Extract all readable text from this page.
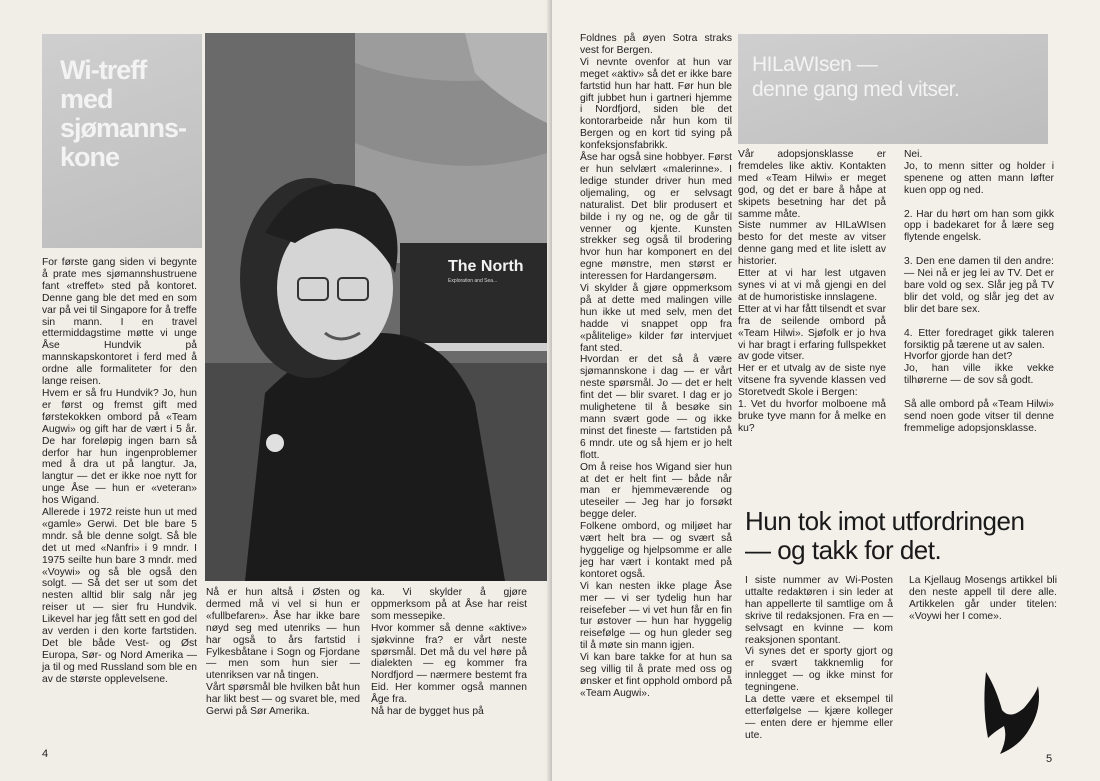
Wi-treff
med
sjømanns-
kone
The North
Exploration and Sea...
For første gang siden vi begynte å prate mes sjømannshustruene fant «treffet» sted på kontoret. Denne gang ble det med en som var på vei til Singapore for å treffe sin mann. I en travel ettermiddagstime møtte vi unge Åse Hundvik på mannskapskontoret i ferd med å ordne alle formaliteter for den lange reisen.
Hvem er så fru Hundvik? Jo, hun er først og fremst gift med førstekokken ombord på «Team Augwi» og gift har de vært i 5 år. De har foreløpig ingen barn så derfor har hun ingenproblemer med å dra ut på langtur. Ja, langtur — det er ikke noe nytt for unge Åse — hun er «veteran» hos Wigand.
Allerede i 1972 reiste hun ut med «gamle» Gerwi. Det ble bare 5 mndr. så ble denne solgt. Så ble det ut med «Nanfri» i 9 mndr. I 1975 seilte hun bare 3 mndr. med «Voywi» og så ble også den solgt. — Så det ser ut som det nesten alltid blir salg når jeg reiser ut — sier fru Hundvik. Likevel har jeg fått sett en god del av verden i den korte fartstiden. Det ble både Vest- og Øst Europa, Sør- og Nord Amerika — ja til og med Russland som ble en av de største opplevelsene.
Nå er hun altså i Østen og dermed må vi vel si hun er «fullbefaren». Åse har ikke bare nøyd seg med utenriks — hun har også to års fartstid i Fylkesbåtane i Sogn og Fjordane — men som hun sier — utenriksen var nå tingen.
Vårt spørsmål ble hvilken båt hun har likt best — og svaret ble, med Gerwi på Sør Amerika.
ka. Vi skylder å gjøre oppmerksom på at Åse har reist som messepike.
Hvor kommer så denne «aktive» sjøkvinne fra? er vårt neste spørsmål. Det må du vel høre på dialekten — eg kommer fra Nordfjord — nærmere bestemt fra Eid. Her kommer også mannen Åge fra.
Nå har de bygget hus på
4
Foldnes på øyen Sotra straks vest for Bergen.
Vi nevnte ovenfor at hun var meget «aktiv» så det er ikke bare fartstid hun har hatt. Før hun ble gift jubbet hun i gartneri hjemme i Nordfjord, siden ble det kontorarbeide når hun kom til Bergen og en kort tid sying på konfeksjonsfabrikk.
Åse har også sine hobbyer. Først er hun selvlært «malerinne». I ledige stunder driver hun med oljemaling, og er selvsagt naturalist. Det blir produsert et bilde i ny og ne, og de går til venner og kjente. Kunsten strekker seg også til brodering hvor hun har komponert en del egne mønstre, men størst er interessen for Hardangersøm.
Vi skylder å gjøre oppmerksom på at dette med malingen ville hun ikke ut med selv, men det hadde vi snappet opp fra «pålitelige» kilder før intervjuet fant sted.
Hvordan er det så å være sjømannskone i dag — er vårt neste spørsmål. Jo — det er helt fint det — blir svaret. I dag er jo mulighetene til å besøke sin mann svært gode — og ikke minst det fineste — fartstiden på 6 mndr. ute og så hjem er jo helt flott.
Om å reise hos Wigand sier hun at det er helt fint — både når man er hjemmeværende og uteseiler — Jeg har jo forsøkt begge deler.
Folkene ombord, og miljøet har vært helt bra — og svært så hyggelige og hjelpsomme er alle jeg har vært i kontakt med på kontoret også.
Vi kan nesten ikke plage Åse mer — vi ser tydelig hun har reisefeber — vi vet hun får en fin tur østover — hun har hyggelig reisefølge — og hun gleder seg til å møte sin mann igjen.
Vi kan bare takke for at hun sa seg villig til å prate med oss og ønsker et fint opphold ombord på «Team Augwi».
HILaWIsen —
denne gang med vitser.
Vår adopsjonsklasse er fremdeles like aktiv. Kontakten med «Team Hilwi» er meget god, og det er bare å håpe at skipets besetning har det på samme måte.
Siste nummer av HILaWIsen besto for det meste av vitser denne gang med et lite islett av historier.
Etter at vi har lest utgaven synes vi at vi må gjengi en del at de humoristiske innslagene.
Etter at vi har fått tilsendt et svar fra de seilende ombord på «Team Hilwi». Sjøfolk er jo hva vi har bragt i erfaring fullspekket av gode vitser.
Her er et utvalg av de siste nye vitsene fra syvende klassen ved Storetvedt Skole i Bergen:
1. Vet du hvorfor molboene må bruke tyve mann for å melke en ku?
Nei.
Jo, to menn sitter og holder i spenene og atten mann løfter kuen opp og ned.

2. Har du hørt om han som gikk opp i badekaret for å lære seg flytende engelsk.

3. Den ene damen til den andre: — Nei nå er jeg lei av TV. Det er bare vold og sex. Slår jeg på TV blir det vold, og slår jeg det av blir det bare sex.

4. Etter foredraget gikk taleren forsiktig på tærene ut av salen.
Hvorfor gjorde han det?
Jo, han ville ikke vekke tilhørerne — de sov så godt.

Så alle ombord på «Team Hilwi» send noen gode vitser til denne fremmelige adopsjonsklasse.
Hun tok imot utfordringen
— og takk for det.
I siste nummer av Wi-Posten uttalte redaktøren i sin leder at han appellerte til samtlige om å skrive til redaksjonen. Fra en — selvsagt en kvinne — kom reaksjonen spontant.
Vi synes det er sporty gjort og er svært takknemlig for innlegget — og ikke minst for tegningene.
La dette være et eksempel til etterfølgelse — kjære kolleger — enten dere er hjemme eller ute.
La Kjellaug Mosengs artikkel bli den neste appell til dere alle. Artikkelen går under titelen: «Voywi her I come».
5
